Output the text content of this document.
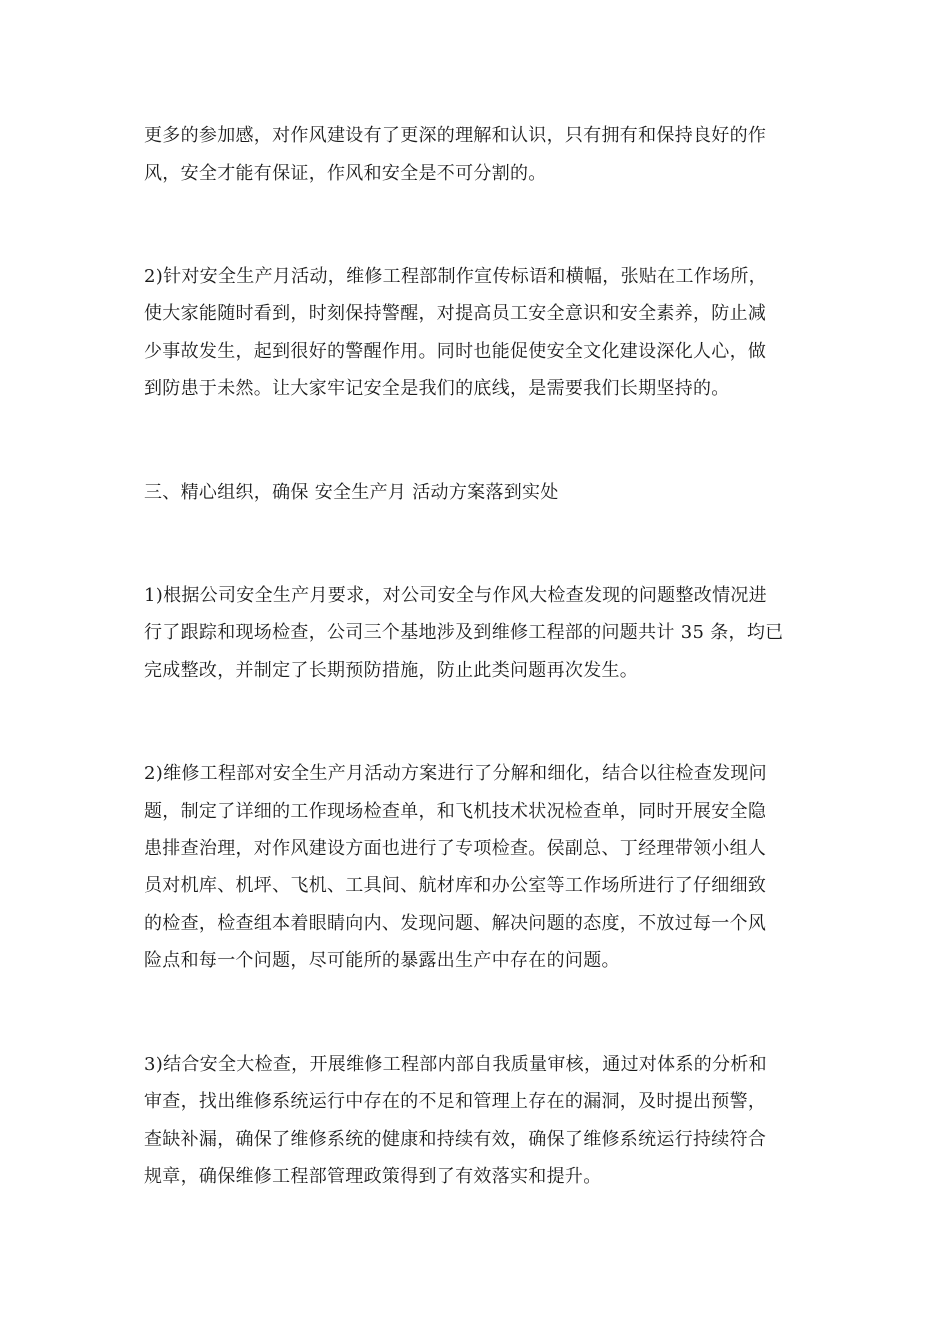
更多的参加感，对作风建设有了更深的理解和认识，只有拥有和保持良好的作
风，安全才能有保证，作风和安全是不可分割的。
2)针对安全生产月活动，维修工程部制作宣传标语和横幅，张贴在工作场所，
使大家能随时看到，时刻保持警醒，对提高员工安全意识和安全素养，防止减
少事故发生，起到很好的警醒作用。同时也能促使安全文化建设深化人心，做
到防患于未然。让大家牢记安全是我们的底线，是需要我们长期坚持的。
三、精心组织，确保 安全生产月 活动方案落到实处
1)根据公司安全生产月要求，对公司安全与作风大检查发现的问题整改情况进
行了跟踪和现场检查，公司三个基地涉及到维修工程部的问题共计 35 条，均已
完成整改，并制定了长期预防措施，防止此类问题再次发生。
2)维修工程部对安全生产月活动方案进行了分解和细化，结合以往检查发现问
题，制定了详细的工作现场检查单，和飞机技术状况检查单，同时开展安全隐
患排查治理，对作风建设方面也进行了专项检查。侯副总、丁经理带领小组人
员对机库、机坪、飞机、工具间、航材库和办公室等工作场所进行了仔细细致
的检查，检查组本着眼睛向内、发现问题、解决问题的态度，不放过每一个风
险点和每一个问题，尽可能所的暴露出生产中存在的问题。
3)结合安全大检查，开展维修工程部内部自我质量审核，通过对体系的分析和
审查，找出维修系统运行中存在的不足和管理上存在的漏洞，及时提出预警，
查缺补漏，确保了维修系统的健康和持续有效，确保了维修系统运行持续符合
规章，确保维修工程部管理政策得到了有效落实和提升。
